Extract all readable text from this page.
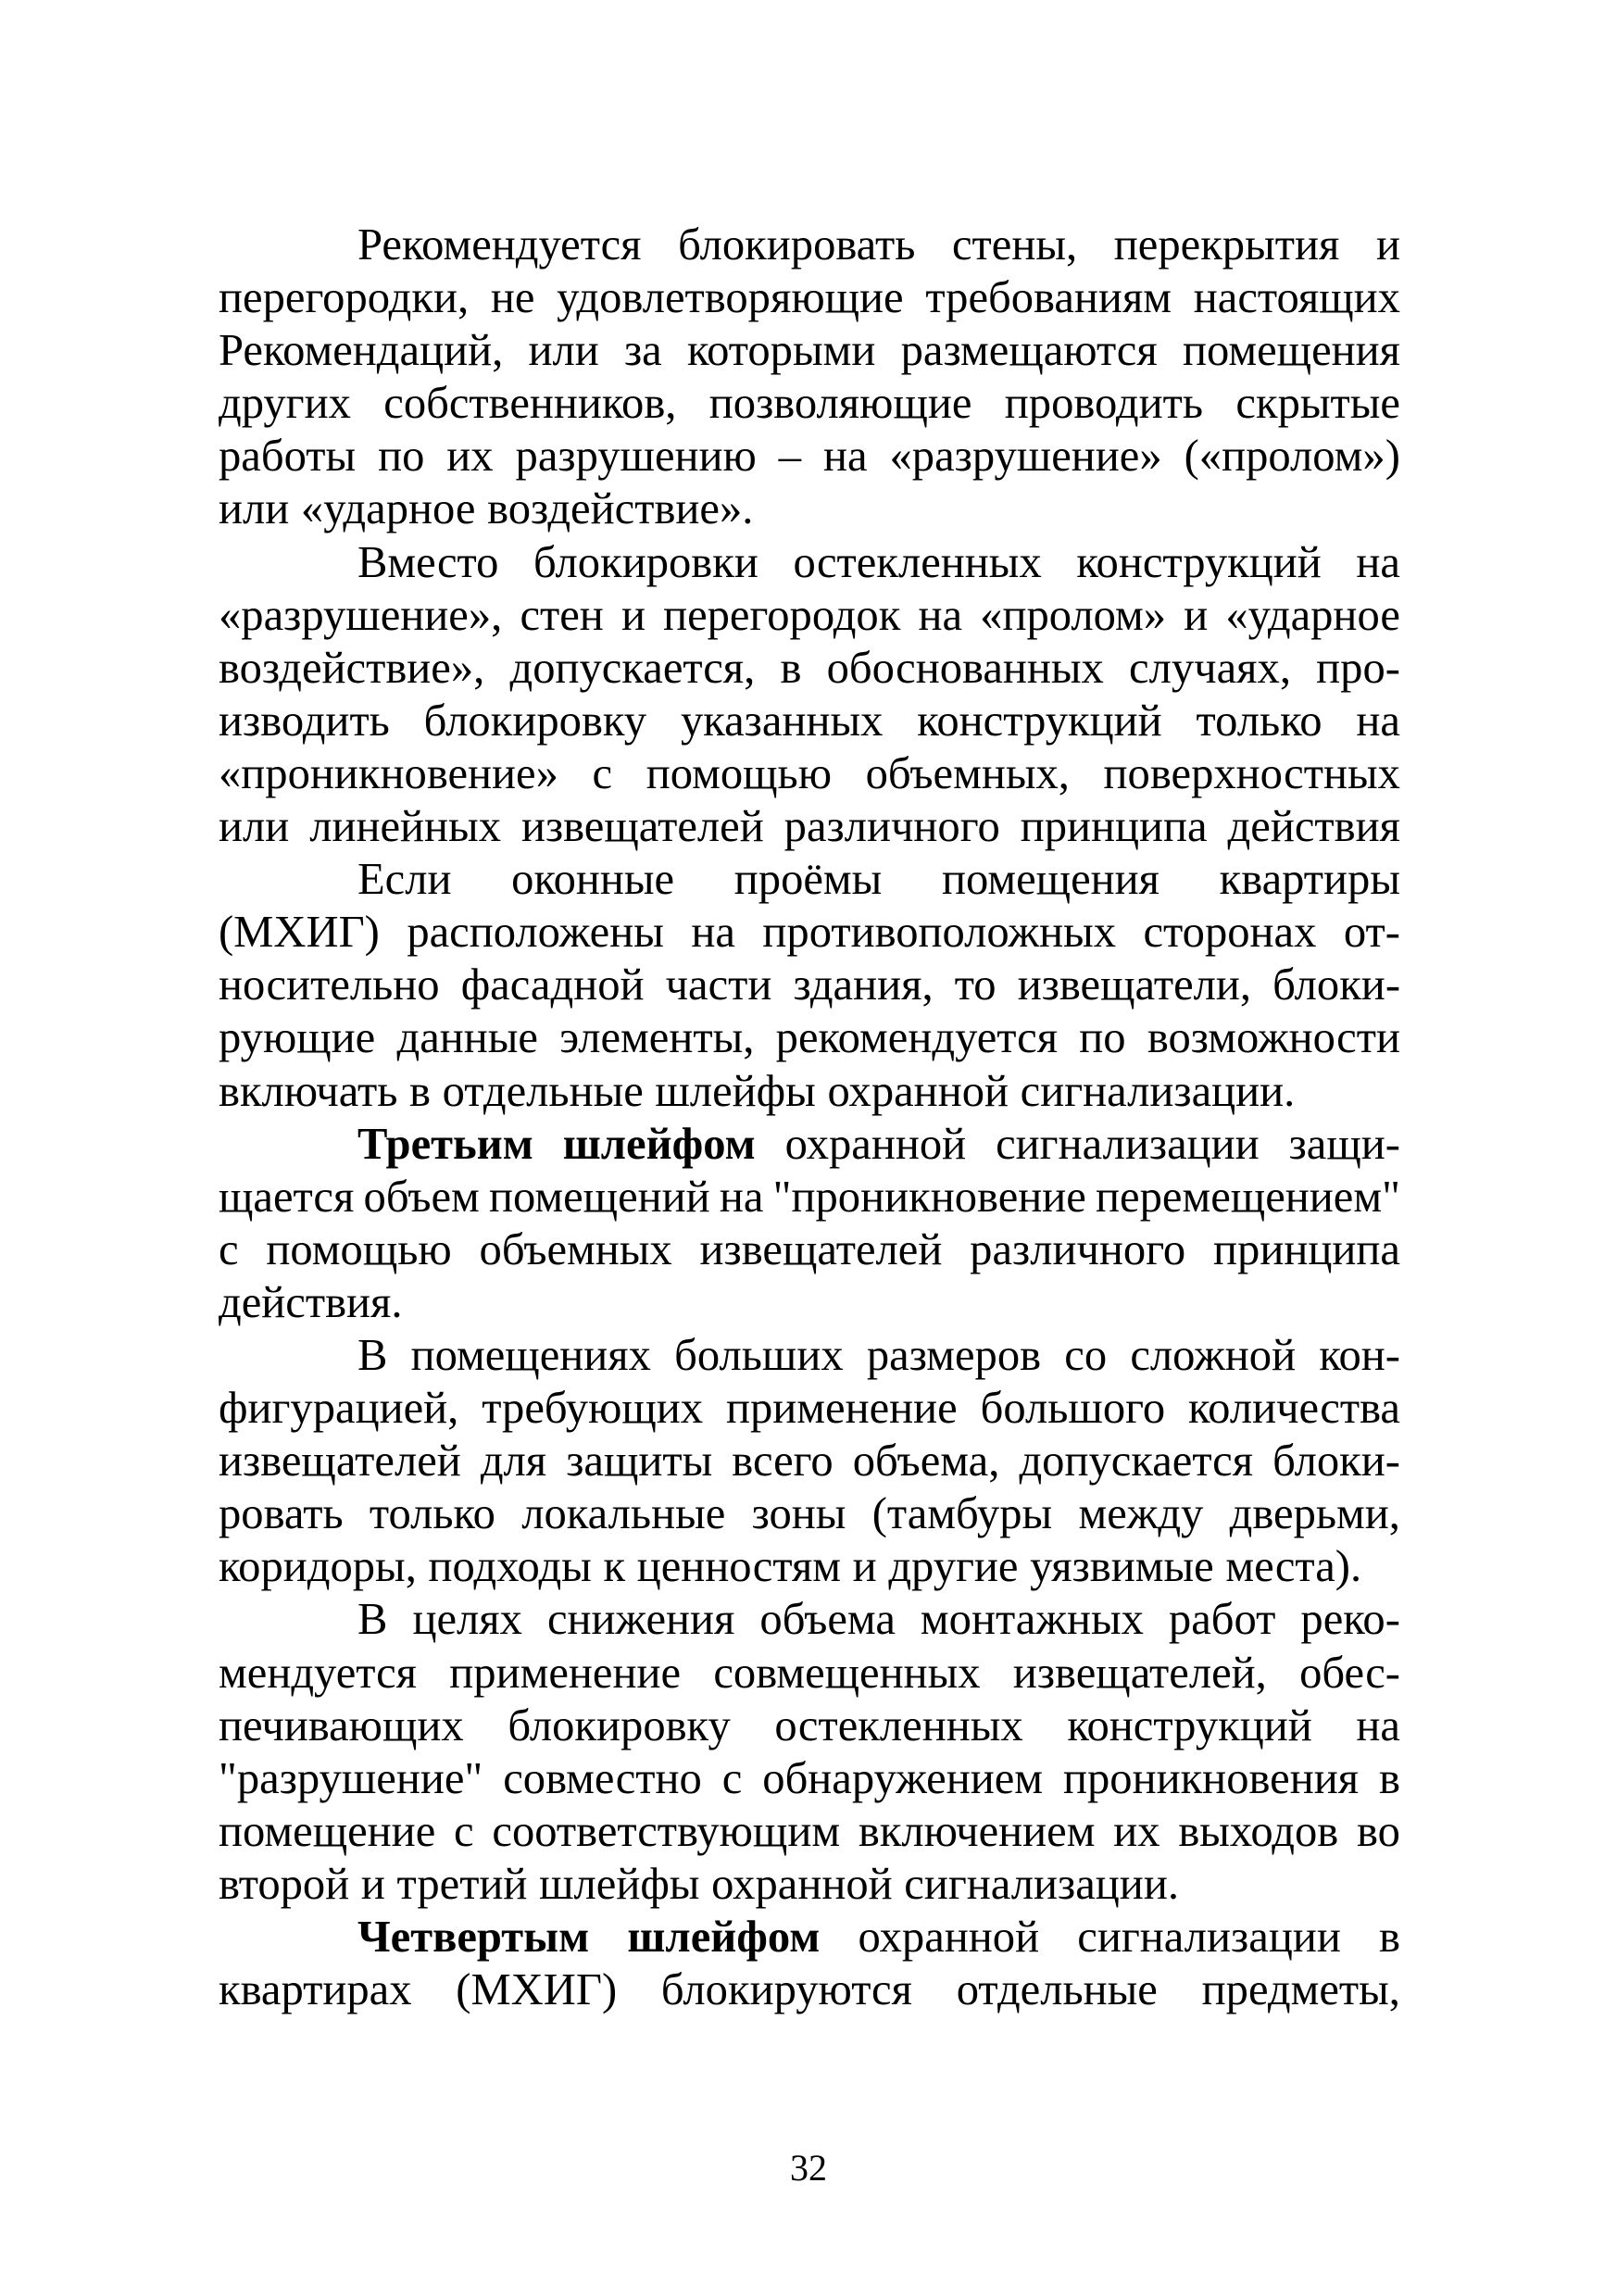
Рекомендуется блокировать стены, перекрытия и
перегородки, не удовлетворяющие требованиям настоящих
Рекомендаций, или за которыми размещаются помещения
других собственников, позволяющие проводить скрытые
работы по их разрушению – на «разрушение» («пролом»)
или «ударное воздействие».
Вместо блокировки остекленных конструкций на
«разрушение», стен и перегородок на «пролом» и «ударное
воздействие», допускается, в обоснованных случаях, про-
изводить блокировку указанных конструкций только на
«проникновение» с помощью объемных, поверхностных
или линейных извещателей различного принципа действия
Если оконные проёмы помещения квартиры
(МХИГ) расположены на противоположных сторонах от-
носительно фасадной части здания, то извещатели, блоки-
рующие данные элементы, рекомендуется по возможности
включать в отдельные шлейфы охранной сигнализации.
Третьим шлейфом охранной сигнализации защи-
щается объем помещений на "проникновение перемещением"
с помощью объемных извещателей различного принципа
действия.
В помещениях больших размеров со сложной кон-
фигурацией, требующих применение большого количества
извещателей для защиты всего объема, допускается блоки-
ровать только локальные зоны (тамбуры между дверьми,
коридоры, подходы к ценностям и другие уязвимые места).
В целях снижения объема монтажных работ реко-
мендуется применение совмещенных извещателей, обес-
печивающих блокировку остекленных конструкций на
"разрушение" совместно с обнаружением проникновения в
помещение с соответствующим включением их выходов во
второй и третий шлейфы охранной сигнализации.
Четвертым шлейфом охранной сигнализации в
квартирах (МХИГ) блокируются отдельные предметы,
32
